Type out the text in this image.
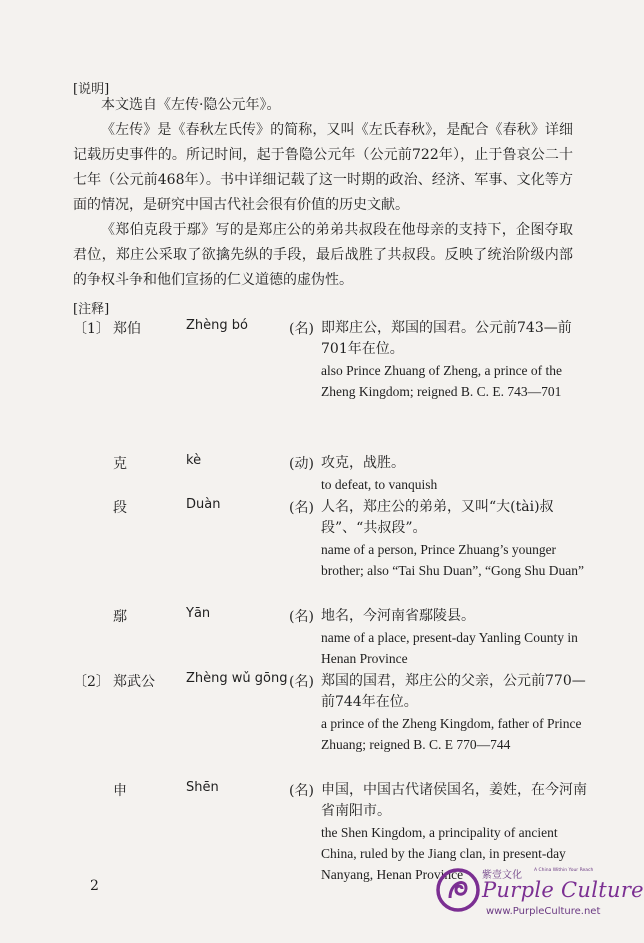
[说明]

本文选自《左传·隐公元年》。

《左传》是《春秋左氏传》的简称，又叫《左氏春秋》，是配合《春秋》详细记载历史事件的。所记时间，起于鲁隐公元年（公元前722年），止于鲁哀公二十七年（公元前468年）。书中详细记载了这一时期的政治、经济、军事、文化等方面的情况，是研究中国古代社会很有价值的历史文献。

《郑伯克段于鄢》写的是郑庄公的弟弟共叔段在他母亲的支持下，企图夺取君位，郑庄公采取了欲擒先纵的手段，最后战胜了共叔段。反映了统治阶级内部的争权斗争和他们宣扬的仁义道德的虚伪性。

[注释]
〔1〕 郑伯	Zhèng bó	(名) 即郑庄公，郑国的国君。公元前743—前701年在位。

also Prince Zhuang of Zheng, a prince of the Zheng Kingdom; reigned B. C. E. 743—701

克	kè	(动) 攻克，战胜。

to defeat, to vanquish

段	Duàn	(名) 人名，郑庄公的弟弟，又叫“大(tài)叔段”、“共叔段”。

name of a person, Prince Zhuang’s younger brother; also “Tai Shu Duan”, “Gong Shu Duan”

鄢	Yān	(名) 地名，今河南省鄢陵县。

name of a place, present-day Yanling County in Henan Province

〔2〕 郑武公	Zhèng wǔ gōng (名) 郑国的国君，郑庄公的父亲，公元前770—前744年在位。

a prince of the Zheng Kingdom, father of Prince Zhuang; reigned B. C. E 770—744

申	Shēn	(名) 申国，中国古代诸侯国名，姜姓，在今河南省南阳市。

the Shen Kingdom, a principality of ancient China, ruled by the Jiang clan, in present-day Nanyang, Henan Province

2
紫壹文化	A China Within Your Reach
Purple Culture
www.PurpleCulture.net
